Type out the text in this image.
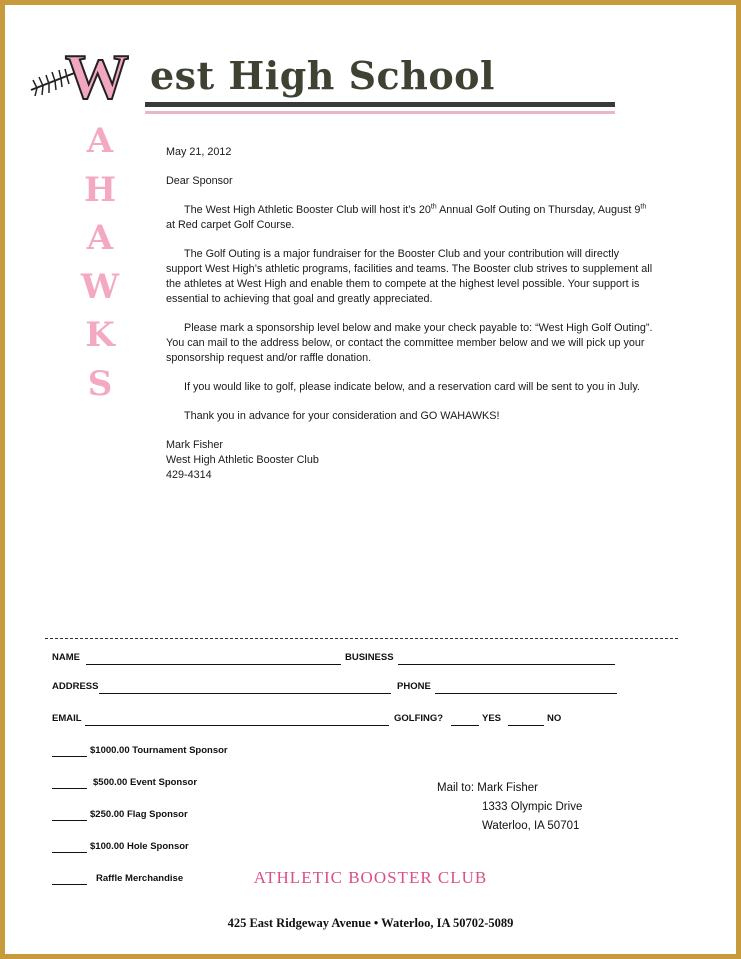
W est High School
A
H
A
W
K
S

May 21, 2012

Dear Sponsor

The West High Athletic Booster Club will host it’s 20th Annual Golf Outing on Thursday, August 9th at Red carpet Golf Course.

The Golf Outing is a major fundraiser for the Booster Club and your contribution will directly support West High’s athletic programs, facilities and teams. The Booster club strives to supplement all the athletes at West High and enable them to compete at the highest level possible. Your support is essential to achieving that goal and greatly appreciated.

Please mark a sponsorship level below and make your check payable to: “West High Golf Outing”. You can mail to the address below, or contact the committee member below and we will pick up your sponsorship request and/or raffle donation.

If you would like to golf, please indicate below, and a reservation card will be sent to you in July.

Thank you in advance for your consideration and GO WAHAWKS!

Mark Fisher

West High Athletic Booster Club

429-4314

NAME	BUSINESS
ADDRESS	PHONE
EMAIL	GOLFING?	YES	NO
$1000.00 Tournament Sponsor
$500.00 Event Sponsor
$250.00 Flag Sponsor
$100.00 Hole Sponsor
Raffle Merchandise
Mail to: Mark Fisher
1333 Olympic Drive
Waterloo, IA 50701
ATHLETIC BOOSTER CLUB
425 East Ridgeway Avenue • Waterloo, IA 50702-5089
